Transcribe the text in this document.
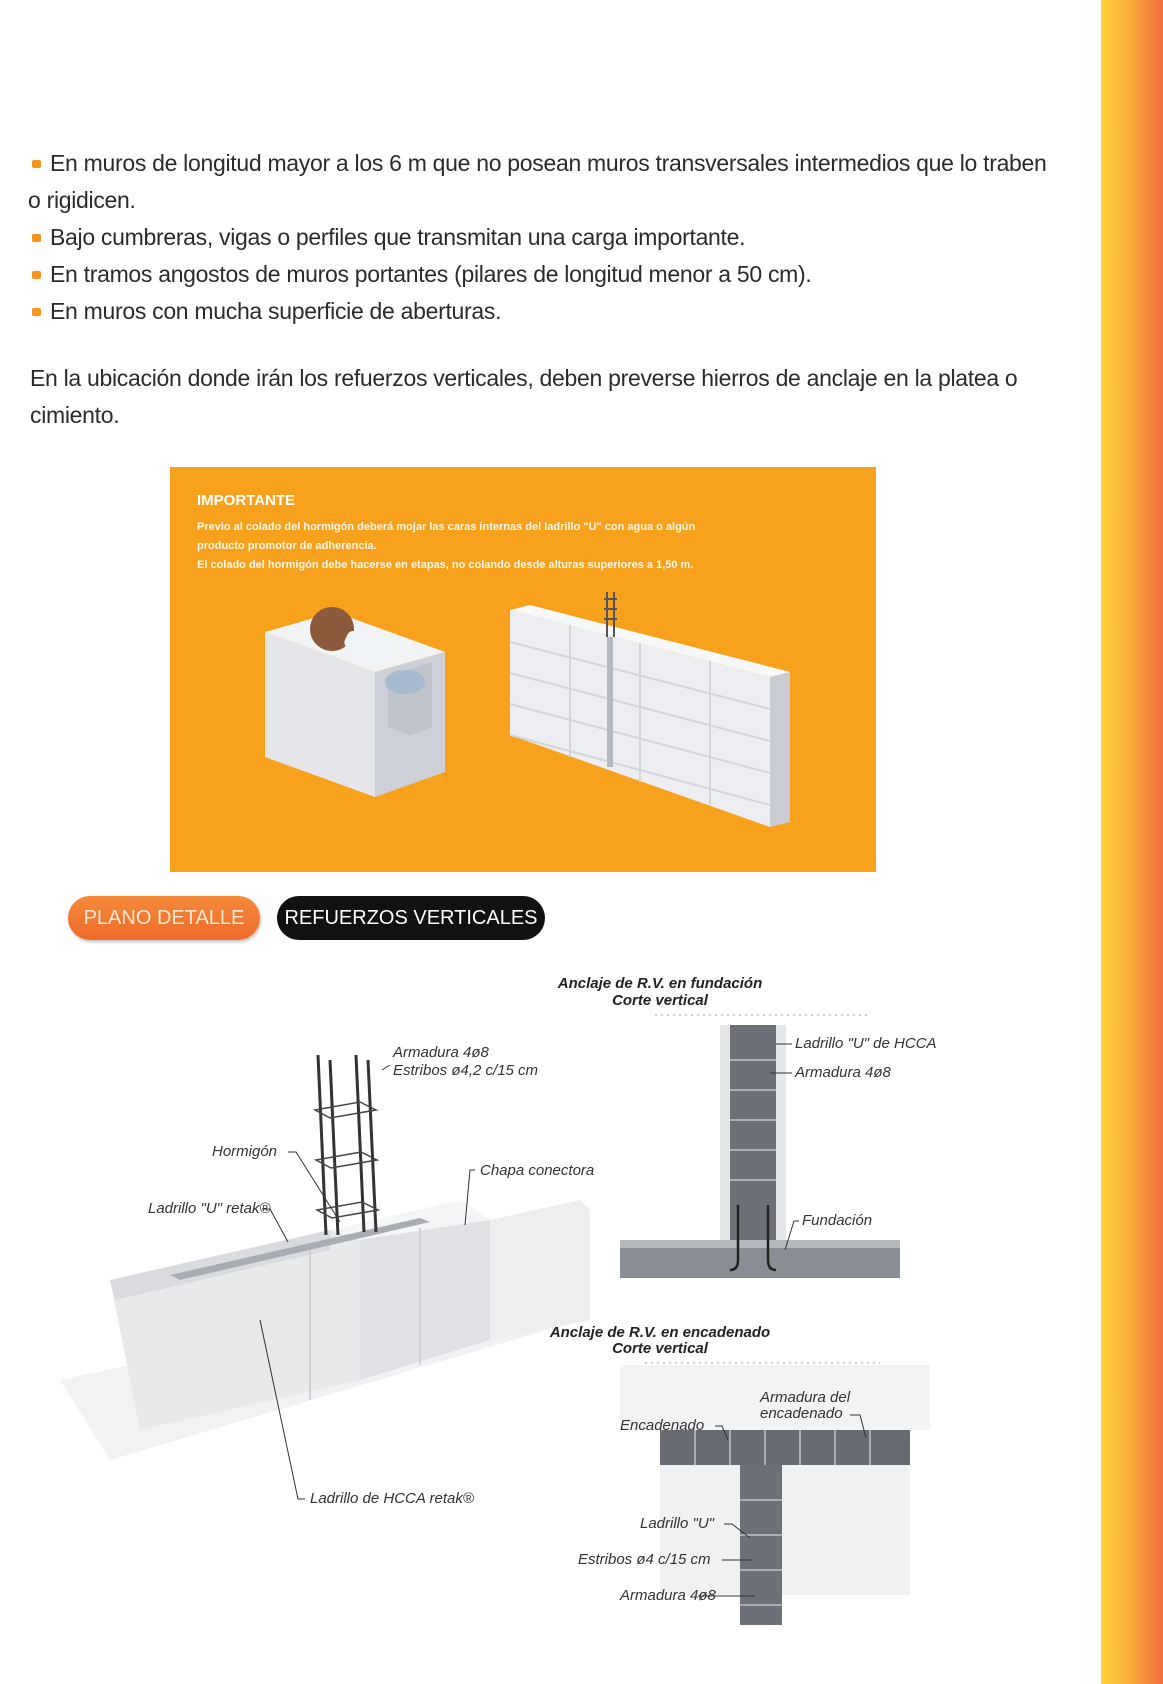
En muros de longitud mayor a los 6 m que no posean muros transversales intermedios que lo traben
o rigidicen.
Bajo cumbreras, vigas o perfiles que transmitan una carga importante.
En tramos angostos de muros portantes (pilares de longitud menor a 50 cm).
En muros con mucha superficie de aberturas.
En la ubicación donde irán los refuerzos verticales, deben preverse hierros de anclaje en la platea o cimiento.
IMPORTANTE
Previo al colado del hormigón deberá mojar las caras internas del ladrillo "U" con agua o algún
producto promotor de adherencia.
El colado del hormigón debe hacerse en etapas, no colando desde alturas superiores a 1,50 m.
PLANO DETALLE	REFUERZOS VERTICALES
Armadura 4ø8
Estribos ø4,2 c/15 cm
Hormigón
Chapa conectora
Ladrillo "U" retak®
Ladrillo de HCCA retak®
Anclaje de R.V. en fundación
Corte vertical
Ladrillo "U" de HCCA
Armadura 4ø8
Fundación
Anclaje de R.V. en encadenado
Corte vertical
Encadenado
Armadura del
encadenado
Ladrillo "U"
Estribos ø4 c/15 cm
Armadura 4ø8
